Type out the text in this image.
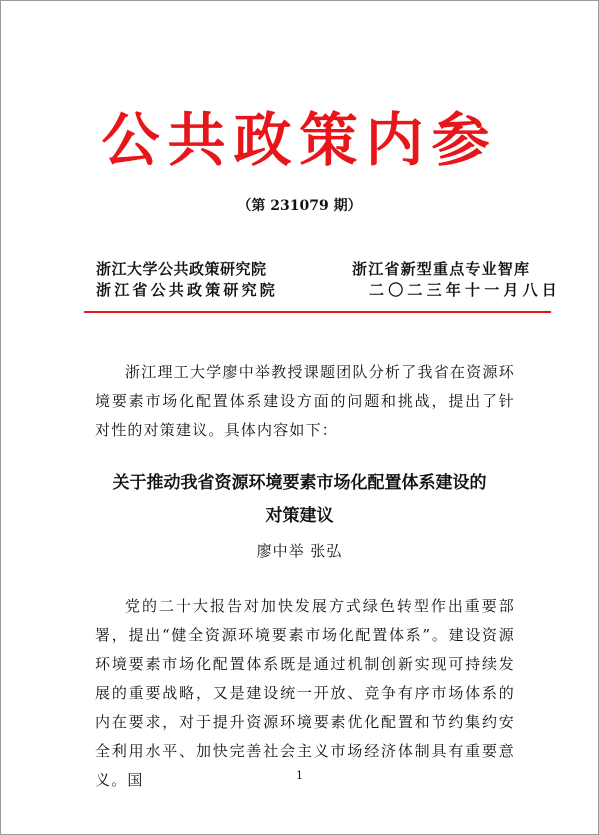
公共政策内参
（第 231079 期）
浙江大学公共政策研究院
浙江省公共政策研究院
浙江省新型重点专业智库
二〇二三年十一月八日

浙江理工大学廖中举教授课题团队分析了我省在资源环境要素市场化配置体系建设方面的问题和挑战，提出了针对性的对策建议。具体内容如下：

关于推动我省资源环境要素市场化配置体系建设的
对策建议
廖中举 张弘

党的二十大报告对加快发展方式绿色转型作出重要部署，提出“健全资源环境要素市场化配置体系”。建设资源环境要素市场化配置体系既是通过机制创新实现可持续发展的重要战略，又是建设统一开放、竞争有序市场体系的内在要求，对于提升资源环境要素优化配置和节约集约安全利用水平、加快完善社会主义市场经济体制具有重要意义。国	1
